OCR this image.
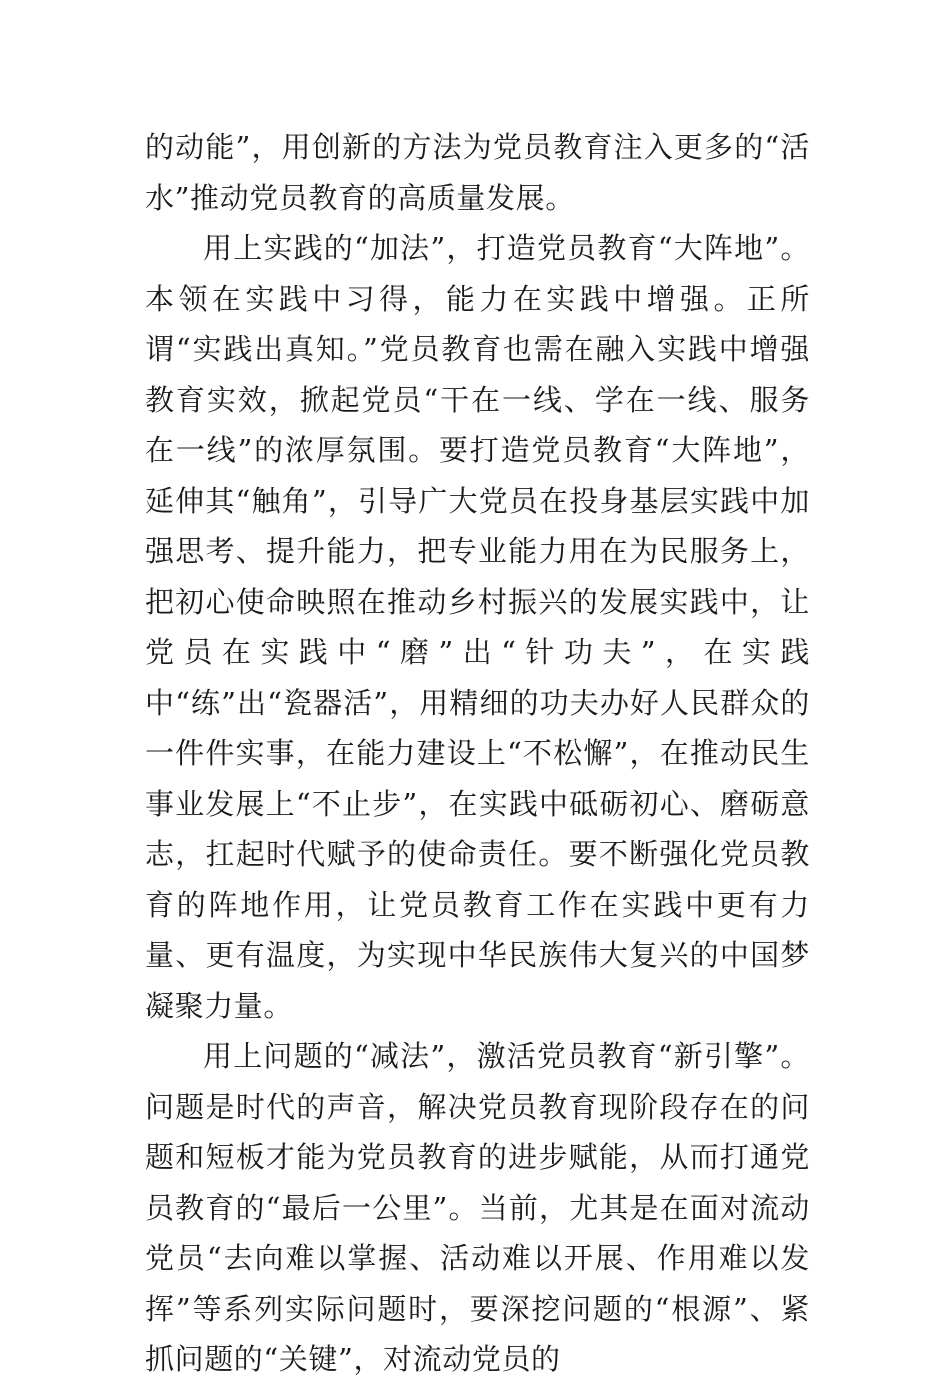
的动能”，用创新的方法为党员教育注入更多的“活水”推动党员教育的高质量发展。

用上实践的“加法”，打造党员教育“大阵地”。本领在实践中习得，能力在实践中增强。正所谓“实践出真知。”党员教育也需在融入实践中增强教育实效，掀起党员“干在一线、学在一线、服务在一线”的浓厚氛围。要打造党员教育“大阵地”，延伸其“触角”，引导广大党员在投身基层实践中加强思考、提升能力，把专业能力用在为民服务上，把初心使命映照在推动乡村振兴的发展实践中，让党员在实践中“磨”出“针功夫”，在实践中“练”出“瓷器活”，用精细的功夫办好人民群众的一件件实事，在能力建设上“不松懈”，在推动民生事业发展上“不止步”，在实践中砥砺初心、磨砺意志，扛起时代赋予的使命责任。要不断强化党员教育的阵地作用，让党员教育工作在实践中更有力量、更有温度，为实现中华民族伟大复兴的中国梦凝聚力量。

用上问题的“减法”，激活党员教育“新引擎”。问题是时代的声音，解决党员教育现阶段存在的问题和短板才能为党员教育的进步赋能，从而打通党员教育的“最后一公里”。当前，尤其是在面对流动党员“去向难以掌握、活动难以开展、作用难以发挥”等系列实际问题时，要深挖问题的“根源”、紧抓问题的“关键”，对流动党员的
